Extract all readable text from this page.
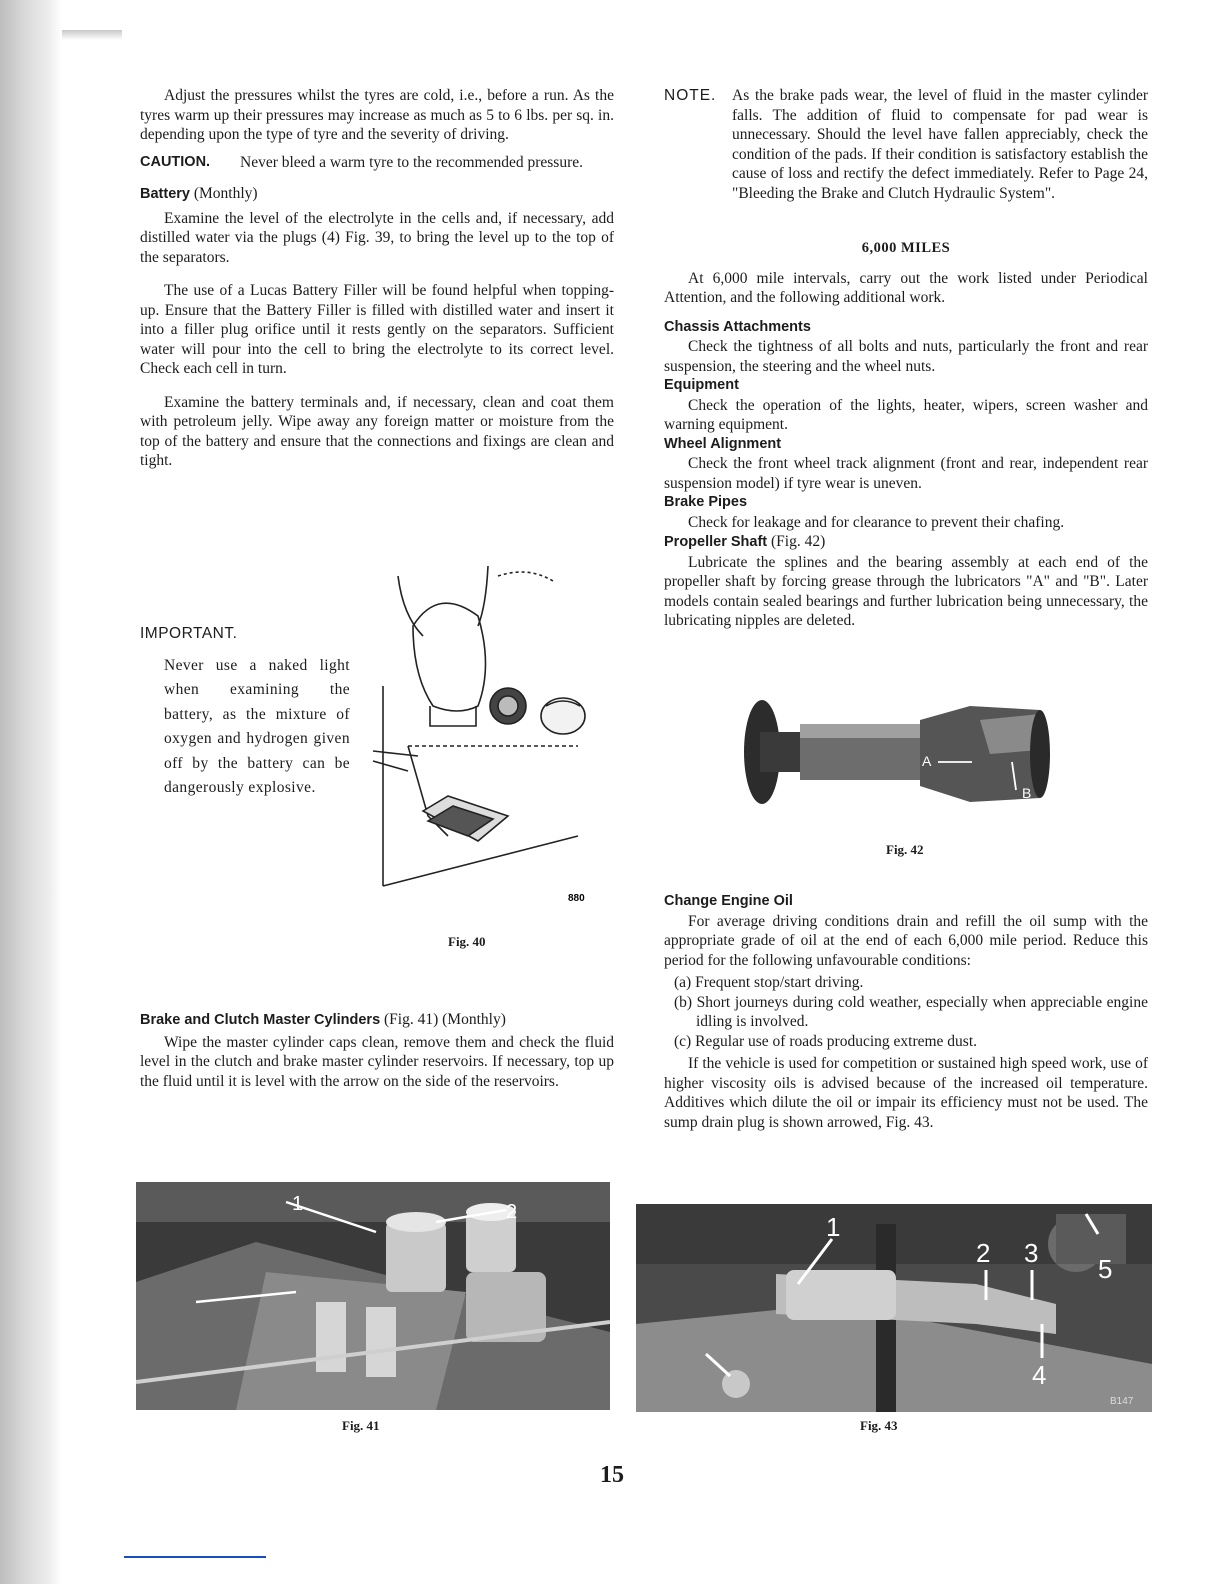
Adjust the pressures whilst the tyres are cold, i.e., before a run. As the tyres warm up their pressures may increase as much as 5 to 6 lbs. per sq. in. depending upon the type of tyre and the severity of driving.

CAUTION.	Never bleed a warm tyre to the recommended pressure.

Battery (Monthly)

Examine the level of the electrolyte in the cells and, if necessary, add distilled water via the plugs (4) Fig. 39, to bring the level up to the top of the separators.

The use of a Lucas Battery Filler will be found helpful when topping-up. Ensure that the Battery Filler is filled with distilled water and insert it into a filler plug orifice until it rests gently on the separators. Sufficient water will pour into the cell to bring the electrolyte to its correct level. Check each cell in turn.

Examine the battery terminals and, if necessary, clean and coat them with petroleum jelly. Wipe away any foreign matter or moisture from the top of the battery and ensure that the connections and fixings are clean and tight.

IMPORTANT.

Never use a naked light when examining the battery, as the mixture of oxygen and hydrogen given off by the battery can be dangerously explosive.

880
Fig. 40
Brake and Clutch Master Cylinders (Fig. 41) (Monthly)

Wipe the master cylinder caps clean, remove them and check the fluid level in the clutch and brake master cylinder reservoirs. If necessary, top up the fluid until it is level with the arrow on the side of the reservoirs.

1	2
Fig. 41
NOTE.	As the brake pads wear, the level of fluid in the master cylinder falls. The addition of fluid to compensate for pad wear is unnecessary. Should the level have fallen appreciably, check the condition of the pads. If their condition is satisfactory establish the cause of loss and rectify the defect immediately. Refer to Page 24, "Bleeding the Brake and Clutch Hydraulic System".

6,000 MILES

At 6,000 mile intervals, carry out the work listed under Periodical Attention, and the following additional work.

Chassis Attachments

Check the tightness of all bolts and nuts, particularly the front and rear suspension, the steering and the wheel nuts.

Equipment

Check the operation of the lights, heater, wipers, screen washer and warning equipment.

Wheel Alignment

Check the front wheel track alignment (front and rear, independent rear suspension model) if tyre wear is uneven.

Brake Pipes

Check for leakage and for clearance to prevent their chafing.

Propeller Shaft (Fig. 42)

Lubricate the splines and the bearing assembly at each end of the propeller shaft by forcing grease through the lubricators "A" and "B". Later models contain sealed bearings and further lubrication being unnecessary, the lubricating nipples are deleted.

A
B
Fig. 42
Change Engine Oil

For average driving conditions drain and refill the oil sump with the appropriate grade of oil at the end of each 6,000 mile period. Reduce this period for the following unfavourable conditions:

(a) Frequent stop/start driving.

(b) Short journeys during cold weather, especially when appreciable engine idling is involved.

(c) Regular use of roads producing extreme dust.

If the vehicle is used for competition or sustained high speed work, use of higher viscosity oils is advised because of the increased oil temperature. Additives which dilute the oil or impair its efficiency must not be used. The sump drain plug is shown arrowed, Fig. 43.

1
2 3
4
5
B147
Fig. 43
15
